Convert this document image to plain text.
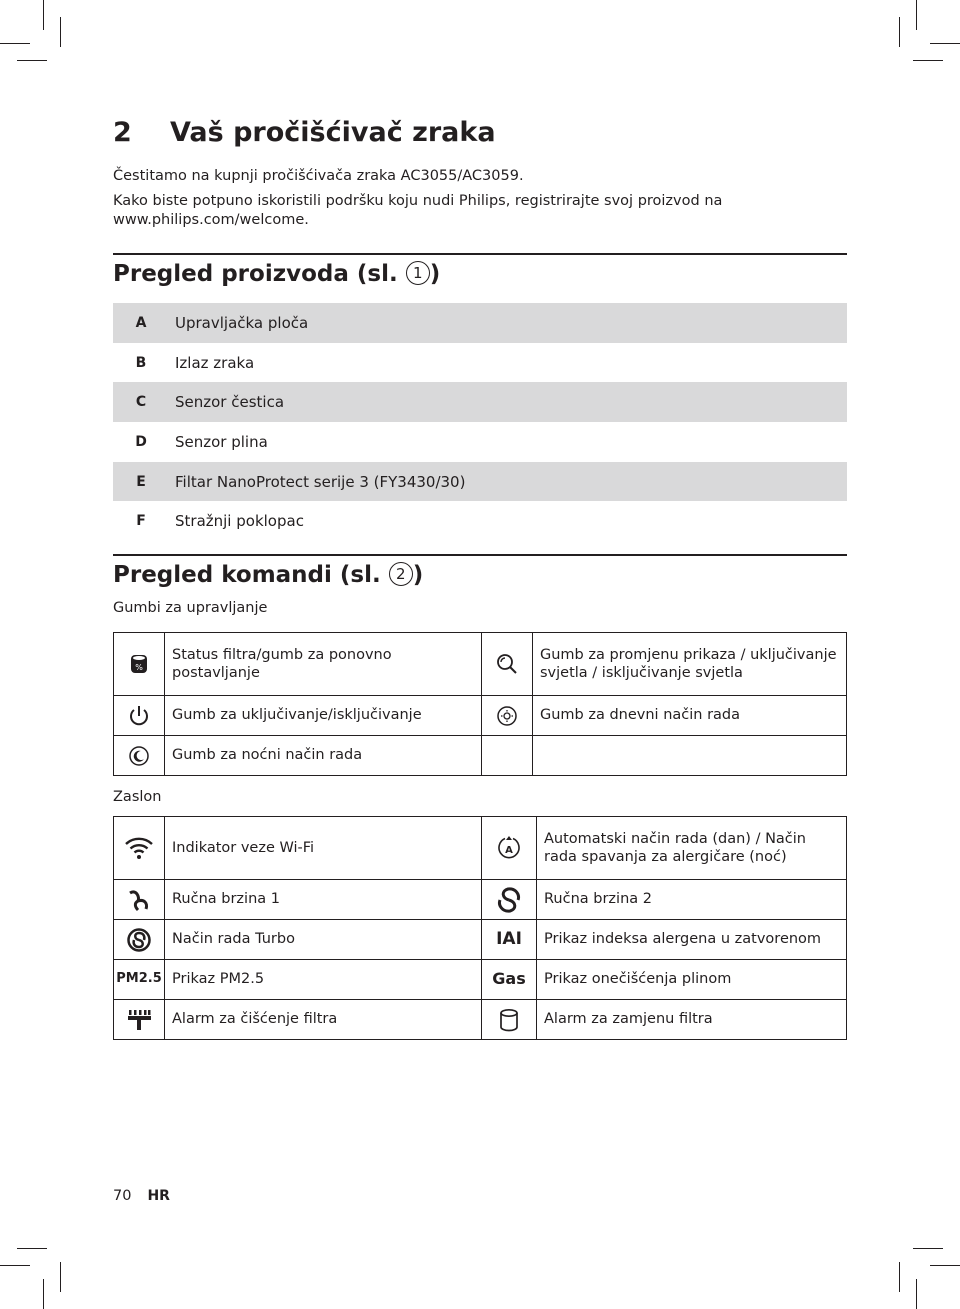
2 Vaš pročišćivač zraka
Čestitamo na kupnji pročišćivača zraka AC3055/AC3059.
Kako biste potpuno iskoristili podršku koju nudi Philips, registrirajte svoj proizvod na www.philips.com/welcome.
Pregled proizvoda (sl. 1 )
A	Upravljačka ploča
B	Izlaz zraka
C	Senzor čestica
D	Senzor plina
E	Filtar NanoProtect serije 3 (FY3430/30)
F	Stražnji poklopac
Pregled komandi (sl. 2 )
Gumbi za upravljanje
%	Status filtra/gumb za ponovno postavljanje		Gumb za promjenu prikaza / uključivanje svjetla / isključivanje svjetla

	Gumb za uključivanje/isključivanje		Gumb za dnevni način rada

	Gumb za noćni način rada		
Zaslon
	Indikator veze Wi-Fi	A	Automatski način rada (dan) / Način rada spavanja za alergičare (noć)

	Ručna brzina 1		Ručna brzina 2

	Način rada Turbo	IAI	Prikaz indeksa alergena u zatvorenom
PM2.5	Prikaz PM2.5	Gas	Prikaz onečišćenja plinom

	Alarm za čišćenje filtra		Alarm za zamjenu filtra
70 HR
